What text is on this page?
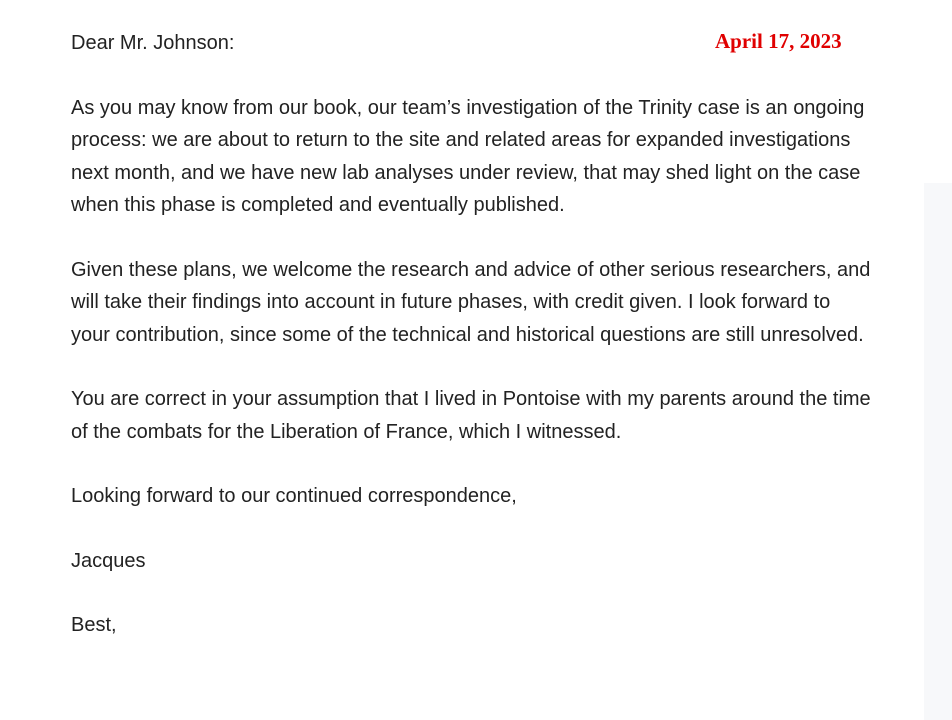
April 17, 2023
Dear Mr. Johnson:

As you may know from our book, our team’s investigation of the Trinity case is an ongoing process: we are about to return to the site and related areas for expanded investigations next month, and we have new lab analyses under review, that may shed light on the case when this phase is completed and eventually published.

Given these plans, we welcome the research and advice of other serious researchers, and will take their findings into account in future phases, with credit given. I look forward to your contribution, since some of the technical and historical questions are still unresolved.

You are correct in your assumption that I lived in Pontoise with my parents around the time of the combats for the Liberation of France, which I witnessed.

Looking forward to our continued correspondence,

Jacques

Best,
